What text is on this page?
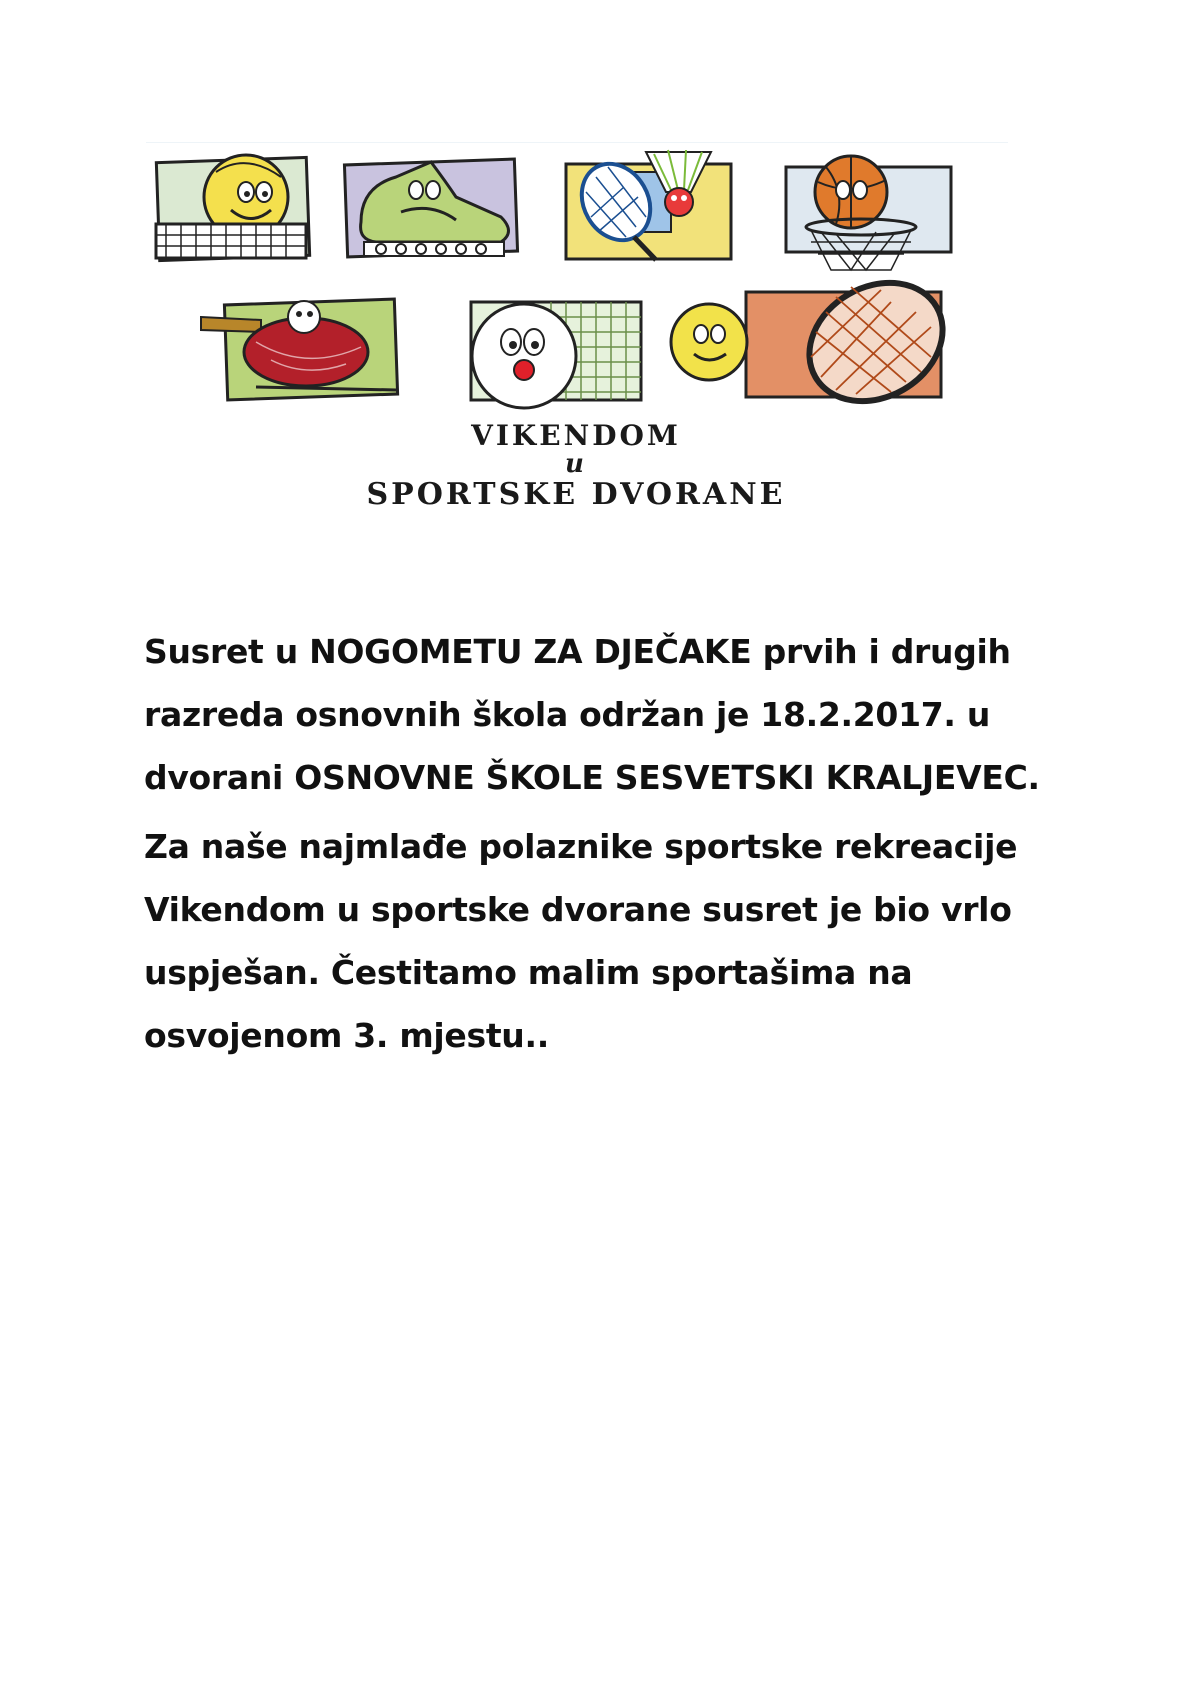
VIKENDOM
u
SPORTSKE DVORANE

Susret u NOGOMETU ZA DJEČAKE prvih i drugih razreda osnovnih škola održan je 18.2.2017. u dvorani OSNOVNE ŠKOLE SESVETSKI KRALJEVEC.

Za naše najmlađe polaznike sportske rekreacije Vikendom u sportske dvorane susret je bio vrlo uspješan. Čestitamo malim sportašima na osvojenom 3. mjestu..
